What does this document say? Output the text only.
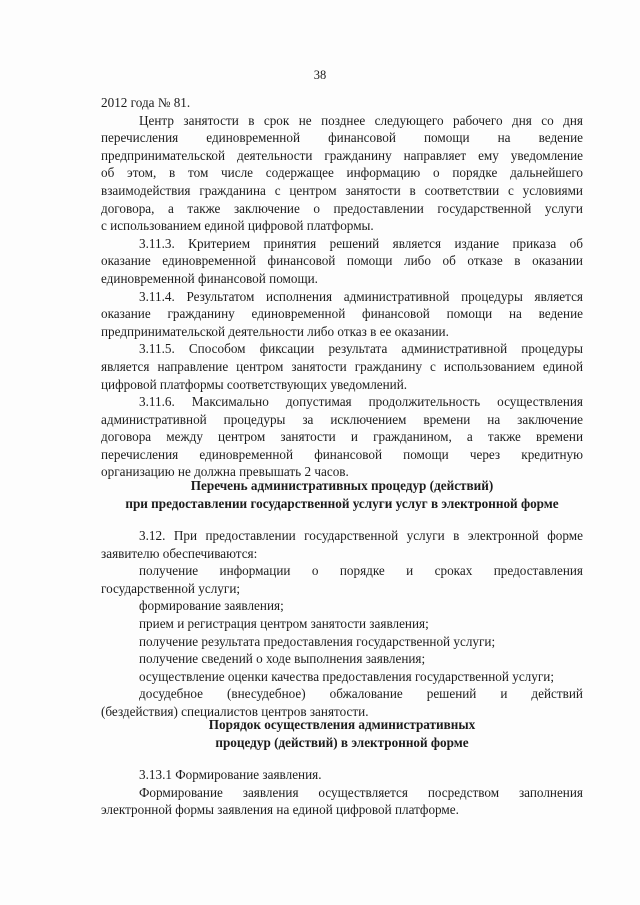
38
2012 года № 81.
Центр занятости в срок не позднее следующего рабочего дня со дня
перечисления единовременной финансовой помощи на ведение
предпринимательской деятельности гражданину направляет ему уведомление
об этом, в том числе содержащее информацию о порядке дальнейшего
взаимодействия гражданина с центром занятости в соответствии с условиями
договора, а также заключение о предоставлении государственной услуги
с использованием единой цифровой платформы.
3.11.3. Критерием принятия решений является издание приказа об
оказание единовременной финансовой помощи либо об отказе в оказании
единовременной финансовой помощи.
3.11.4. Результатом исполнения административной процедуры является
оказание гражданину единовременной финансовой помощи на ведение
предпринимательской деятельности либо отказ в ее оказании.
3.11.5. Способом фиксации результата административной процедуры
является направление центром занятости гражданину с использованием единой
цифровой платформы соответствующих уведомлений.
3.11.6. Максимально допустимая продолжительность осуществления
административной процедуры за исключением времени на заключение
договора между центром занятости и гражданином, а также времени
перечисления единовременной финансовой помощи через кредитную
организацию не должна превышать 2 часов.
3.12. При предоставлении государственной услуги в электронной форме
заявителю обеспечиваются:
получение информации о порядке и сроках предоставления
государственной услуги;
формирование заявления;
прием и регистрация центром занятости заявления;
получение результата предоставления государственной услуги;
получение сведений о ходе выполнения заявления;
осуществление оценки качества предоставления государственной услуги;
досудебное (внесудебное) обжалование решений и действий
(бездействия) специалистов центров занятости.
3.13.1 Формирование заявления.
Формирование заявления осуществляется посредством заполнения
электронной формы заявления на единой цифровой платформе.
Перечень административных процедур (действий)
при предоставлении государственной услуги услуг в электронной форме
Порядок осуществления административных
процедур (действий) в электронной форме
